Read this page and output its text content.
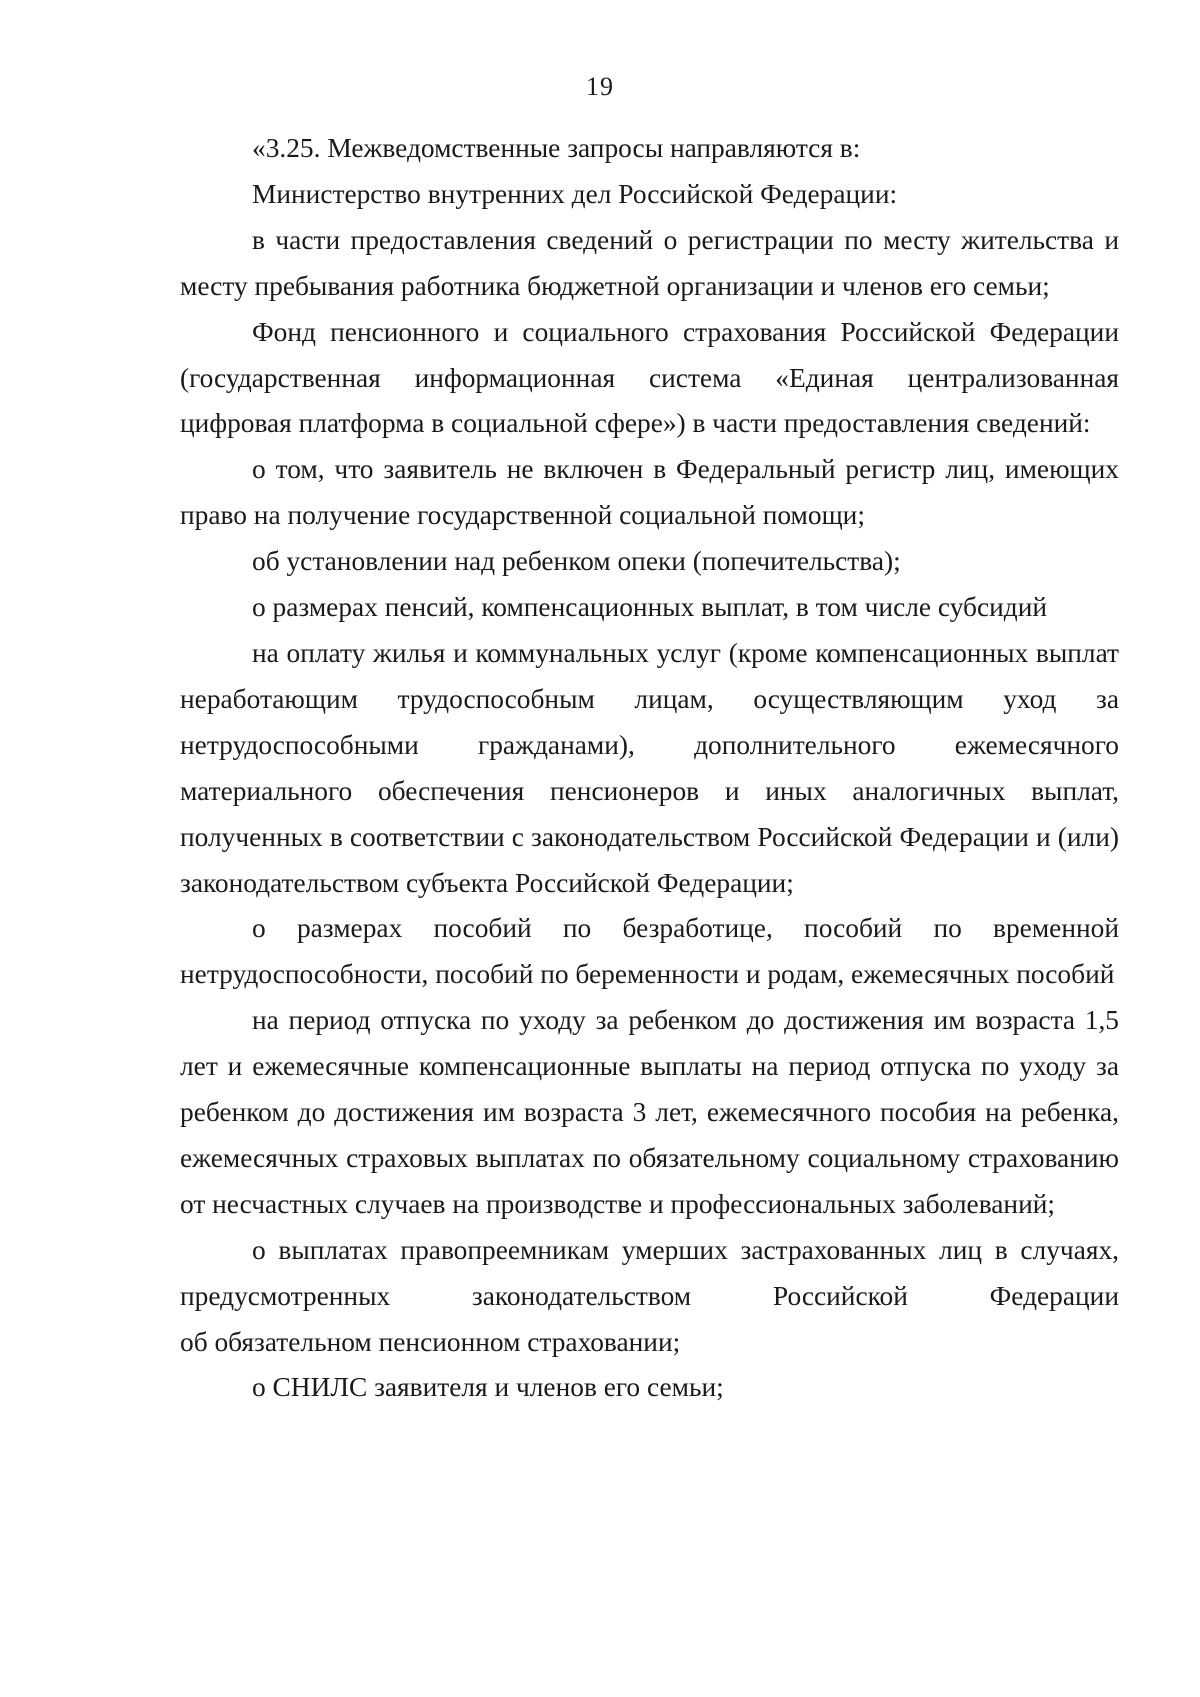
19

«3.25. Межведомственные запросы направляются в:

Министерство внутренних дел Российской Федерации:

в части предоставления сведений о регистрации по месту жительства и месту пребывания работника бюджетной организации и членов его семьи;

Фонд пенсионного и социального страхования Российской Федерации (государственная информационная система «Единая централизованная цифровая платформа в социальной сфере») в части предоставления сведений:

о том, что заявитель не включен в Федеральный регистр лиц, имеющих право на получение государственной социальной помощи;

об установлении над ребенком опеки (попечительства);

о размерах пенсий, компенсационных выплат, в том числе субсидий

на оплату жилья и коммунальных услуг (кроме компенсационных выплат неработающим трудоспособным лицам, осуществляющим уход за нетрудоспособными гражданами), дополнительного ежемесячного материального обеспечения пенсионеров и иных аналогичных выплат, полученных в соответствии с законодательством Российской Федерации и (или) законодательством субъекта Российской Федерации;

о размерах пособий по безработице, пособий по временной нетрудоспособности, пособий по беременности и родам, ежемесячных пособий

на период отпуска по уходу за ребенком до достижения им возраста 1,5 лет и ежемесячные компенсационные выплаты на период отпуска по уходу за ребенком до достижения им возраста 3 лет, ежемесячного пособия на ребенка, ежемесячных страховых выплатах по обязательному социальному страхованию от несчастных случаев на производстве и профессиональных заболеваний;

о выплатах правопреемникам умерших застрахованных лиц в случаях, предусмотренных законодательством Российской Федерации

об обязательном пенсионном страховании;

о СНИЛС заявителя и членов его семьи;
